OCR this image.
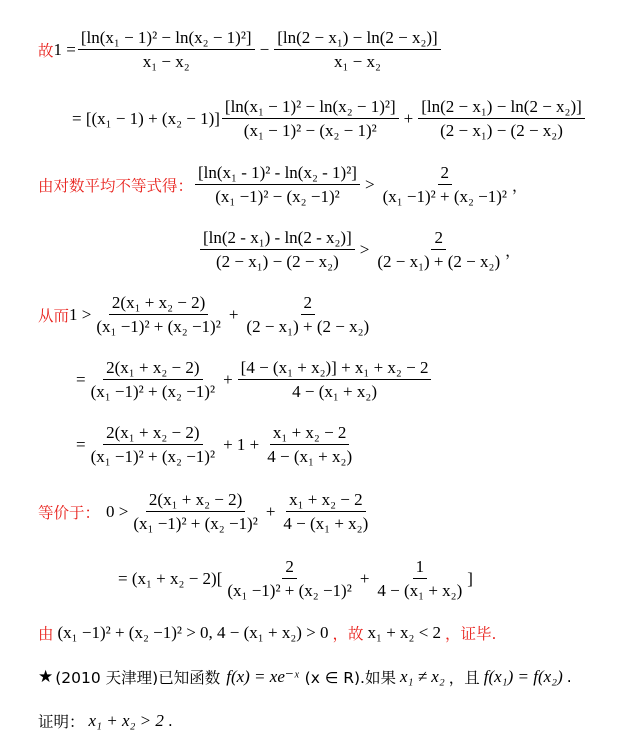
故 $1 = \frac{\text{[ln(x₁ − 1)² − ln(x₂ − 1)²]}}{\text{x₁ − x₂}} - \frac{\text{[ln(2 − x₁) − ln(2 − x₂)]}}{\text{x₁ − x₂}}$
= $[(x_1 - 1) + (x_2 - 1)] \frac{\text{[ln(x₁ − 1)² − ln(x₂ − 1)²]}}{\text{(x₁ − 1)² − (x₂ − 1)²}} + \frac{\text{[ln(2 − x₁) − ln(2 − x₂)]}}{\text{(2 − x₁) − (2 − x₂)}}$
由对数平均不等式得： $\frac{\text{[ln(x₁ - 1)² - ln(x₂ - 1)²]}}{\text{(x₁ −1)² − (x₂ −1)²}} > \frac{2}{\text{(x₁ −1)² + (x₂ −1)²}}$ ，
$\frac{\text{[ln(2 - x₁) - ln(2 - x₂)]}}{\text{(2 − x₁) − (2 − x₂)}} > \frac{2}{\text{(2 − x₁) + (2 − x₂)}}$ ，
从而 $1 > \frac{\text{2(x₁ + x₂ − 2)}}{\text{(x₁ −1)² + (x₂ −1)²}} + \frac{2}{\text{(2 − x₁) + (2 − x₂)}}$
= $\frac{\text{2(x₁ + x₂ − 2)}}{\text{(x₁ −1)² + (x₂ −1)²}} + \frac{\text{[4 − (x₁ + x₂)] + x₁ + x₂ − 2}}{\text{4 − (x₁ + x₂)}}$
= $\frac{\text{2(x₁ + x₂ − 2)}}{\text{(x₁ −1)² + (x₂ −1)²}} + 1 + \frac{\text{x₁ + x₂ − 2}}{\text{4 − (x₁ + x₂)}}$
等价于： $0 > \frac{\text{2(x₁ + x₂ − 2)}}{\text{(x₁ −1)² + (x₂ −1)²}} + \frac{\text{x₁ + x₂ − 2}}{\text{4 − (x₁ + x₂)}}$
= $(x_1 + x_2 - 2)[ \frac{2}{\text{(x₁ −1)² + (x₂ −1)²}} + \frac{1}{\text{4 − (x₁ + x₂)}}$ ]
由 (x₁ −1)² + (x₂ −1)² > 0, 4 − (x₁ + x₂) > 0 ，故 x₁ + x₂ < 2 ，证毕.
★ (2010 天津理)已知函数 f(x) = xe⁻ˣ (x ∈ R).如果 x₁ ≠ x₂ ，且 f(x₁) = f(x₂) .
证明： x₁ + x₂ > 2 .
